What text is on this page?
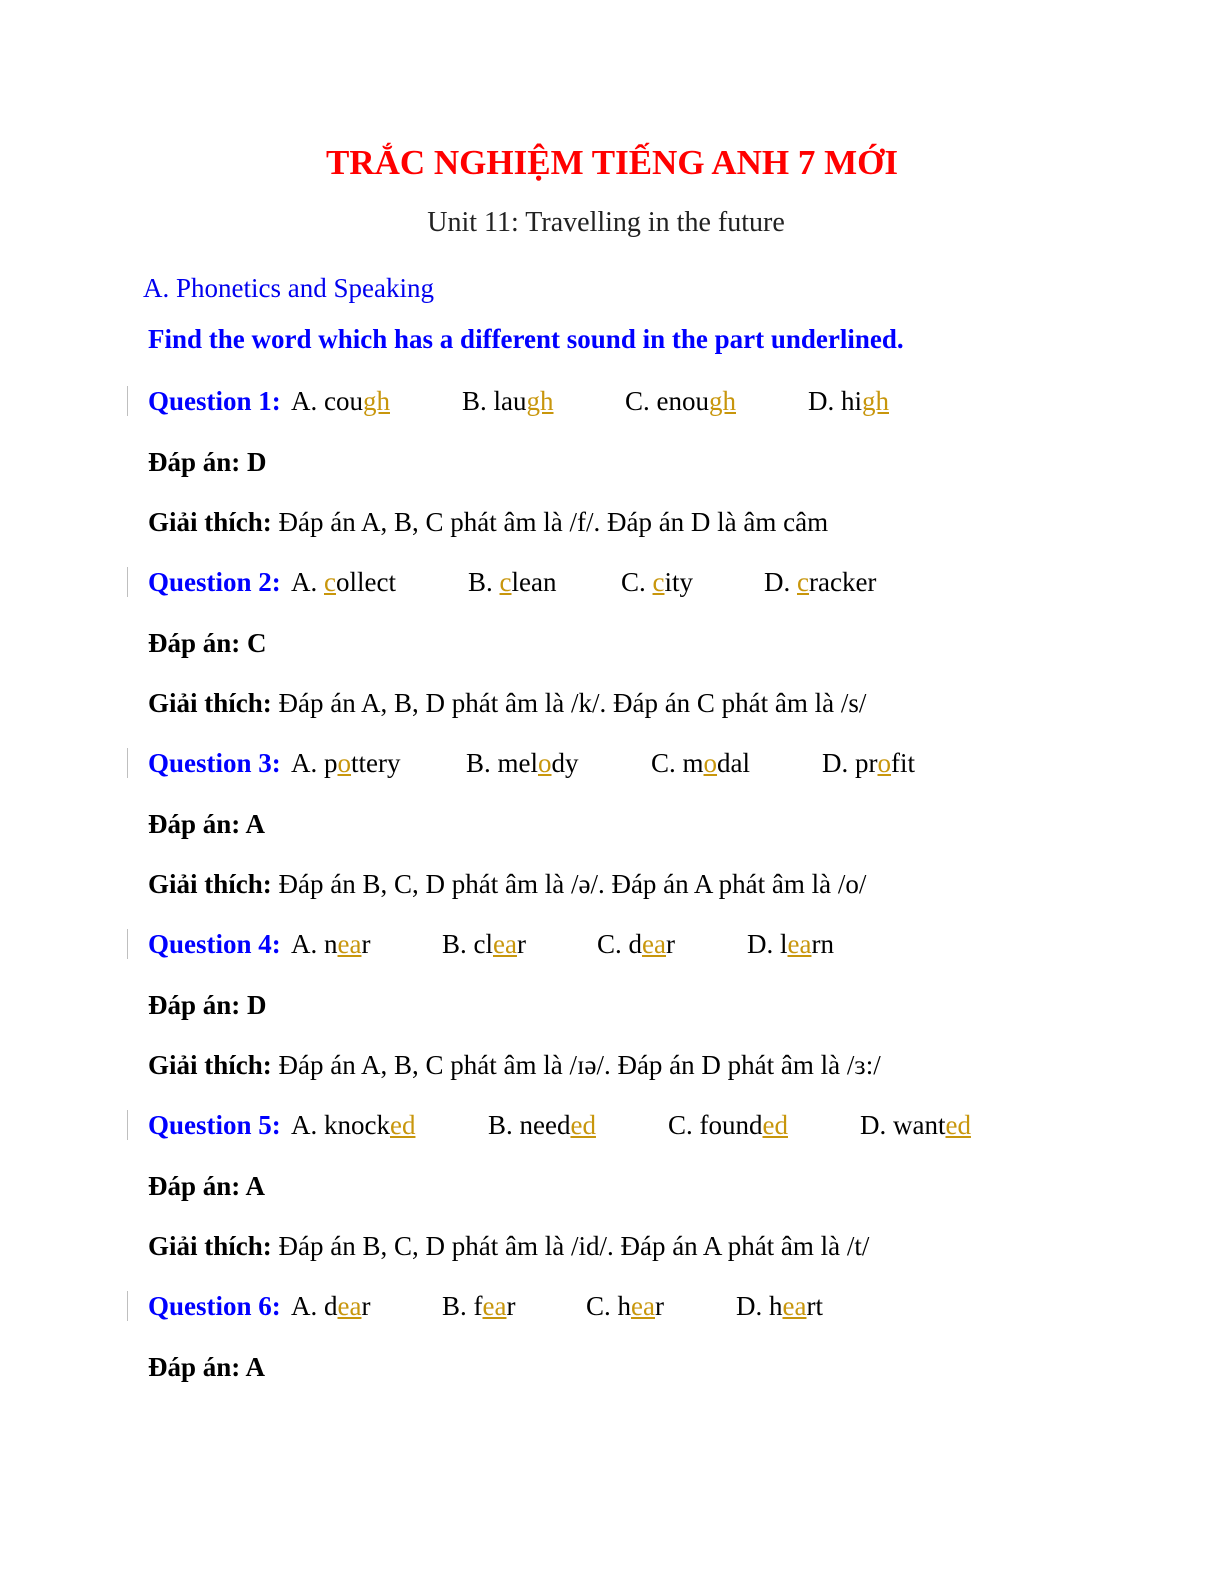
TRẮC NGHIỆM TIẾNG ANH 7 MỚI
Unit 11: Travelling in the future
A. Phonetics and Speaking
Find the word which has a different sound in the part underlined.
Question 1: A. cough	B. laugh	C. enough	D. high
Đáp án: D
Giải thích: Đáp án A, B, C phát âm là /f/. Đáp án D là âm câm
Question 2: A. collect	B. clean C. city	D. cracker
Đáp án: C
Giải thích: Đáp án A, B, D phát âm là /k/. Đáp án C phát âm là /s/
Question 3: A. pottery B. melody	C. modal	D. profit
Đáp án: A
Giải thích: Đáp án B, C, D phát âm là /ə/. Đáp án A phát âm là /o/
Question 4: A. near	B. clear	C. dear	D. learn
Đáp án: D
Giải thích: Đáp án A, B, C phát âm là /ɪə/. Đáp án D phát âm là /ɜ:/
Question 5: A. knocked	B. needed	C. founded	D. wanted
Đáp án: A
Giải thích: Đáp án B, C, D phát âm là /id/. Đáp án A phát âm là /t/
Question 6: A. dear	B. fear	C. hear	D. heart
Đáp án: A
